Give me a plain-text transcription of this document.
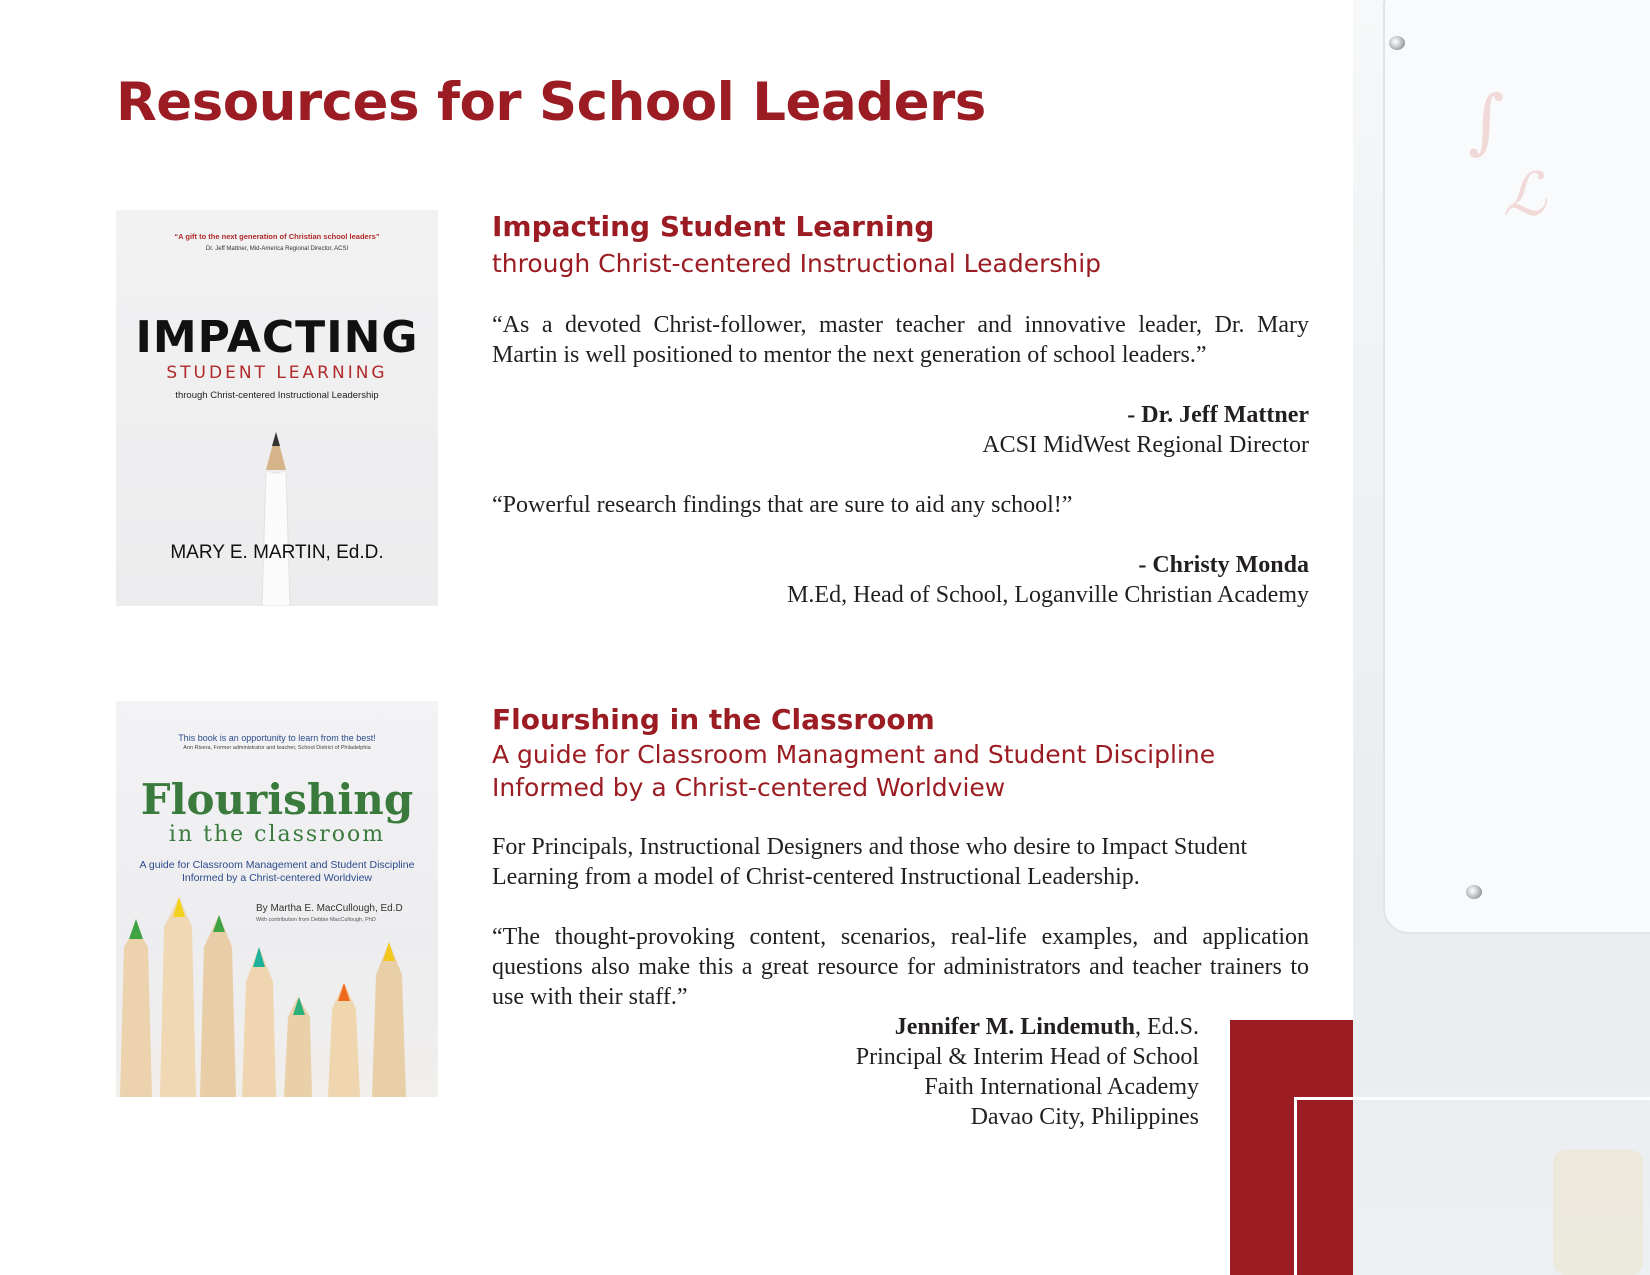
∫
ℒ
Resources for School Leaders
“A gift to the next generation of Christian school leaders”
Dr. Jeff Mattner, Mid-America Regional Director, ACSI
IMPACTING
STUDENT LEARNING
through Christ-centered Instructional Leadership
MARY E. MARTIN, Ed.D.
Impacting Student Learning

through Christ-centered Instructional Leadership

“As a devoted Christ-follower, master teacher and innovative leader, Dr. Mary Martin is well positioned to mentor the next generation of school leaders.”

- Dr. Jeff Mattner

ACSI MidWest Regional Director

“Powerful research findings that are sure to aid any school!”

- Christy Monda

M.Ed, Head of School, Loganville Christian Academy

This book is an opportunity to learn from the best!
Ann Rivera, Former administrator and teacher, School District of Philadelphia
Flourishing
in the classroom
A guide for Classroom Management and Student Discipline Informed by a Christ-centered Worldview
By Martha E. MacCullough, Ed.D
With contribution from Debbie MacCullough, PhD
Flourshing in the Classroom

A guide for Classroom Managment and Student Discipline

Informed by a Christ-centered Worldview

For Principals, Instructional Designers and those who desire to Impact Student Learning from a model of Christ-centered Instructional Leadership.

“The thought-provoking content, scenarios, real-life examples, and application questions also make this a great resource for administrators and teacher trainers to use with their staff.”

Jennifer M. Lindemuth, Ed.S.

Principal & Interim Head of School

Faith International Academy

Davao City, Philippines
